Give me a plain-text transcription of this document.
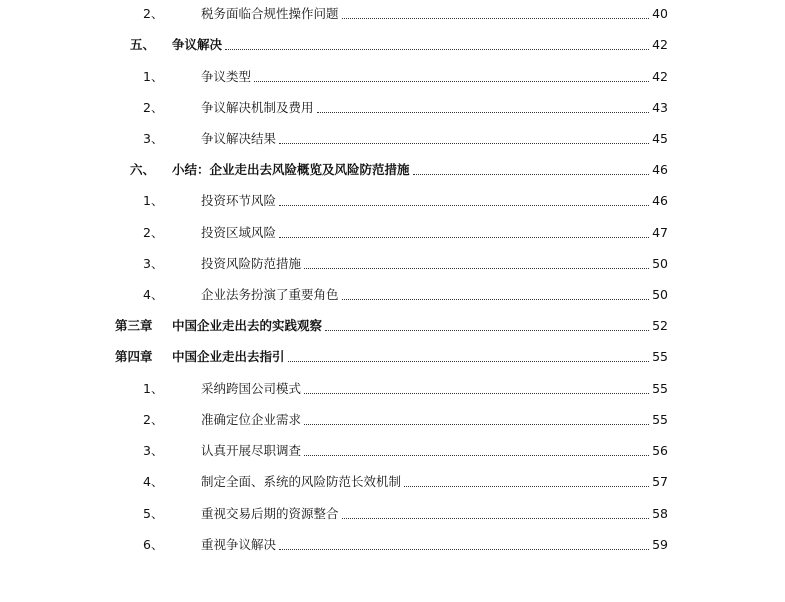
2、	税务面临合规性操作问题	40
五、 争议解决	42
1、	争议类型	42
2、	争议解决机制及费用	43
3、	争议解决结果	45
六、 小结：企业走出去风险概览及风险防范措施	46
1、	投资环节风险	46
2、	投资区域风险	47
3、	投资风险防范措施	50
4、	企业法务扮演了重要角色	50
第三章 中国企业走出去的实践观察	52
第四章 中国企业走出去指引	55
1、	采纳跨国公司模式	55
2、	准确定位企业需求	55
3、	认真开展尽职调查	56
4、	制定全面、系统的风险防范长效机制	57
5、	重视交易后期的资源整合	58
6、	重视争议解决	59
